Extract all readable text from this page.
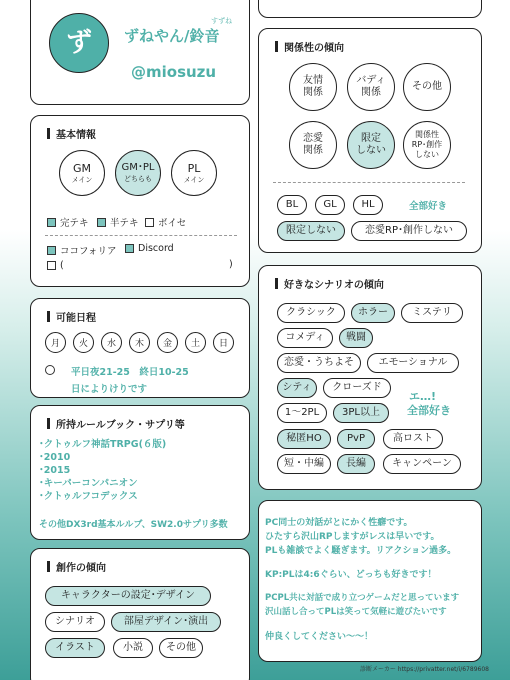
ず
すずね
ずねやん/鈴音
@miosuzu
基本情報
GM
メイン
GM･PL
どちらも
PL
メイン
完テキ 半テキ ボイセ
ココフォリア Discord
(	)
可能日程
月	火	水	木	金	土	日
平日夜21-25　終日10-25
日によりけりです
所持ルールブック・サプリ等
･クトゥルフ神話TRPG(６版)
･2010
･2015
･キーパーコンパニオン
･クトゥルフコデックス
その他DX3rd基本ルルブ、SW2.0サプリ多数
創作の傾向
キャラクターの設定･デザイン
シナリオ	部屋デザイン･演出
イラスト	小説	その他
関係性の傾向
友情
関係
バディ
関係
その他
恋愛
関係
限定
しない
関係性
RP･創作
しない
BL	GL	HL	全部好き
限定しない	恋愛RP･創作しない
好きなシナリオの傾向
クラシック	ホラー	ミステリ
コメディ	戦闘
恋愛・うちよそ	エモーショナル
シティ	クローズド
1〜2PL	3PL以上
エ…!
全部好き
秘匿HO	PvP	高ロスト
短・中編	長編	キャンペーン
PC同士の対話がとにかく性癖です。
ひたすら沢山RPしますがレスは早いです。
PLも雑談でよく騒ぎます。リアクション過多。
KP:PLは4:6ぐらい、どっちも好きです！
PCPL共に対話で成り立つゲームだと思っています
沢山話し合ってPLは笑って気軽に遊びたいです
仲良くしてください〜〜！
診断メーカー https://privatter.net/i/6789608
